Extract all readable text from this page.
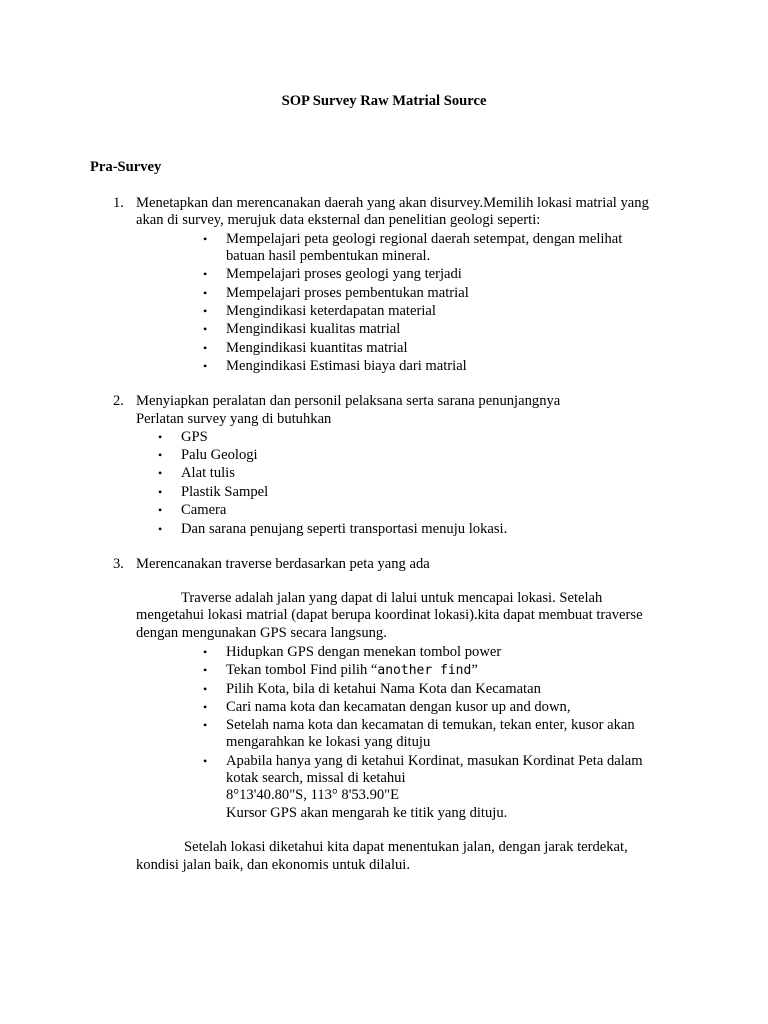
SOP Survey Raw Matrial Source
Pra-Survey
1. Menetapkan dan merencanakan daerah yang akan disurvey.Memilih lokasi matrial yang
akan di survey, merujuk data eksternal dan penelitian geologi seperti:
• Mempelajari peta geologi regional daerah setempat, dengan melihat
batuan hasil pembentukan mineral.
• Mempelajari proses geologi yang terjadi
• Mempelajari proses pembentukan matrial
• Mengindikasi keterdapatan material
• Mengindikasi kualitas matrial
• Mengindikasi kuantitas matrial
• Mengindikasi Estimasi biaya dari matrial
2. Menyiapkan peralatan dan personil pelaksana serta sarana penunjangnya
Perlatan survey yang di butuhkan
• GPS
• Palu Geologi
• Alat tulis
• Plastik Sampel
• Camera
• Dan sarana penujang seperti transportasi menuju lokasi.
3. Merencanakan traverse berdasarkan peta yang ada
Traverse adalah jalan yang dapat di lalui untuk mencapai lokasi. Setelah
mengetahui lokasi matrial (dapat berupa koordinat lokasi).kita dapat membuat traverse
dengan mengunakan GPS secara langsung.
• Hidupkan GPS dengan menekan tombol power
• Tekan tombol Find pilih “another find”
• Pilih Kota, bila di ketahui Nama Kota dan Kecamatan
• Cari nama kota dan kecamatan dengan kusor up and down,
• Setelah nama kota dan kecamatan di temukan, tekan enter, kusor akan
mengarahkan ke lokasi yang dituju
• Apabila hanya yang di ketahui Kordinat, masukan Kordinat Peta dalam
kotak search, missal di ketahui
8°13'40.80"S, 113° 8'53.90"E
Kursor GPS akan mengarah ke titik yang dituju.
Setelah lokasi diketahui kita dapat menentukan jalan, dengan jarak terdekat,
kondisi jalan baik, dan ekonomis untuk dilalui.
